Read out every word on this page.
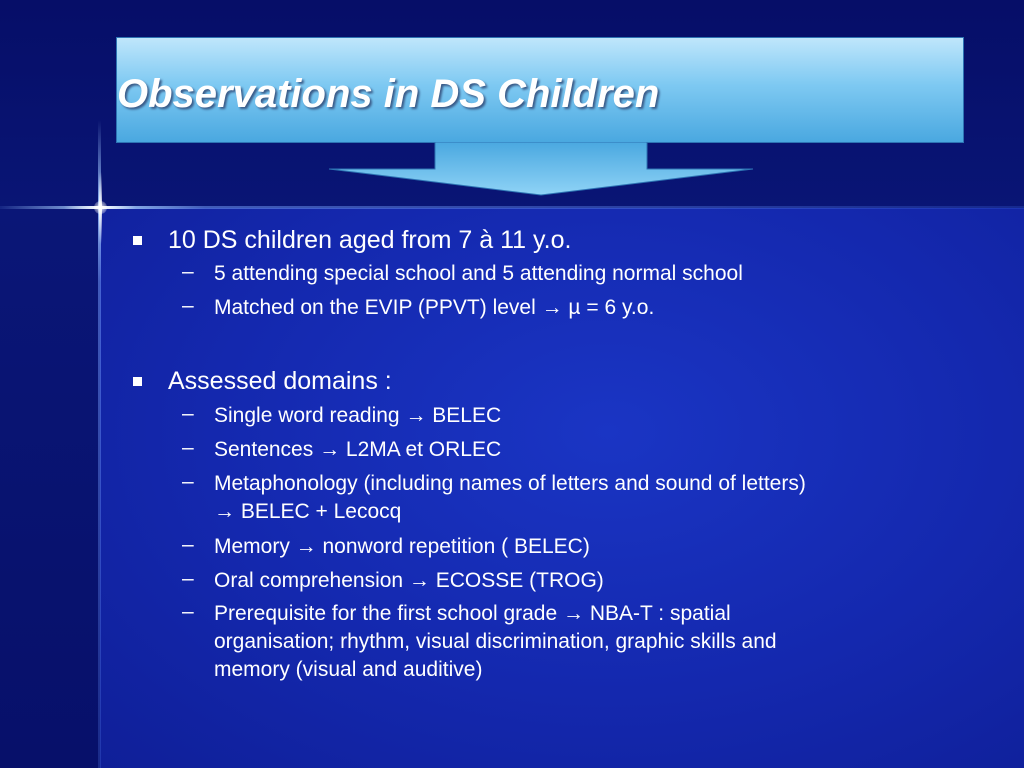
Observations in DS Children
10 DS children aged from 7 à 11 y.o.
– 5 attending special school and 5 attending normal school
– Matched on the EVIP (PPVT) level → µ = 6 y.o.
Assessed domains :
– Single word reading → BELEC
– Sentences → L2MA et ORLEC
– Metaphonology (including names of letters and sound of letters)
→ BELEC + Lecocq
– Memory → nonword repetition ( BELEC)
– Oral comprehension → ECOSSE (TROG)
– Prerequisite for the first school grade → NBA-T : spatial
organisation; rhythm, visual discrimination, graphic skills and
memory (visual and auditive)
